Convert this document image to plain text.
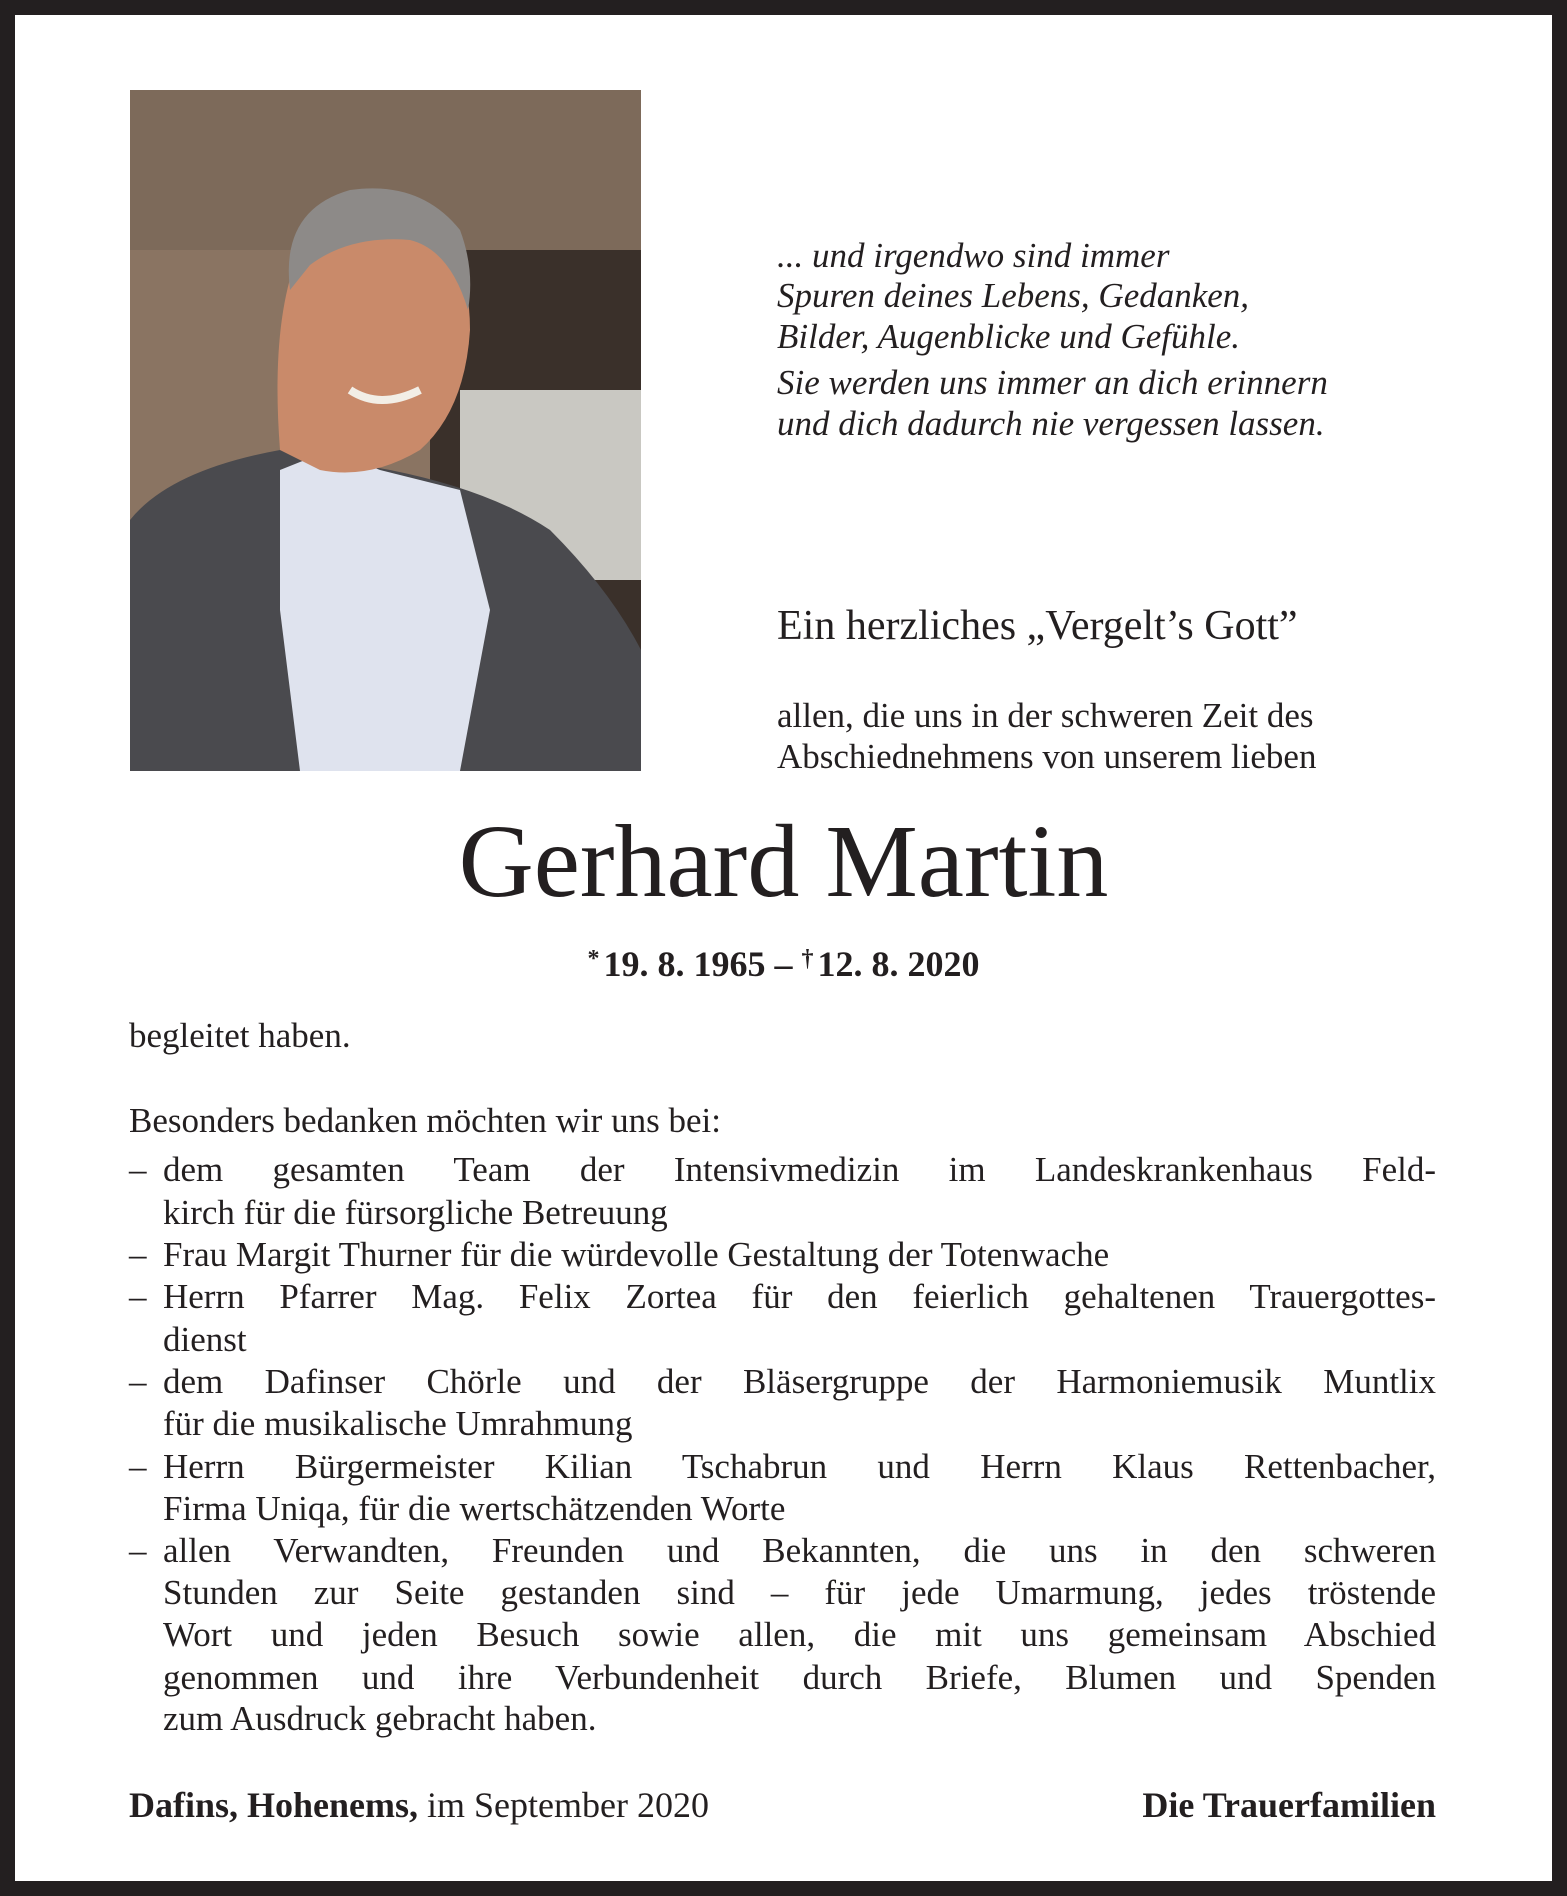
... und irgendwo sind immer
Spuren deines Lebens, Gedanken,
Bilder, Augenblicke und Gefühle.
Sie werden uns immer an dich erinnern
und dich dadurch nie vergessen lassen.
Ein herzliches „Vergelt’s Gott”
allen, die uns in der schweren Zeit des
Abschiednehmens von unserem lieben
Gerhard Martin
* 19. 8. 1965 – † 12. 8. 2020
begleitet haben.
Besonders bedanken möchten wir uns bei:
– dem gesamten Team der Intensivmedizin im Landeskrankenhaus Feld-
kirch für die fürsorgliche Betreuung
– Frau Margit Thurner für die würdevolle Gestaltung der Totenwache
– Herrn Pfarrer Mag. Felix Zortea für den feierlich gehaltenen Trauergottes-
dienst
– dem Dafinser Chörle und der Bläsergruppe der Harmoniemusik Muntlix
für die musikalische Umrahmung
– Herrn Bürgermeister Kilian Tschabrun und Herrn Klaus Rettenbacher,
Firma Uniqa, für die wertschätzenden Worte
– allen Verwandten, Freunden und Bekannten, die uns in den schweren
Stunden zur Seite gestanden sind – für jede Umarmung, jedes tröstende
Wort und jeden Besuch sowie allen, die mit uns gemeinsam Abschied
genommen und ihre Verbundenheit durch Briefe, Blumen und Spenden
zum Ausdruck gebracht haben.
Dafins, Hohenems, im September 2020	Die Trauerfamilien
